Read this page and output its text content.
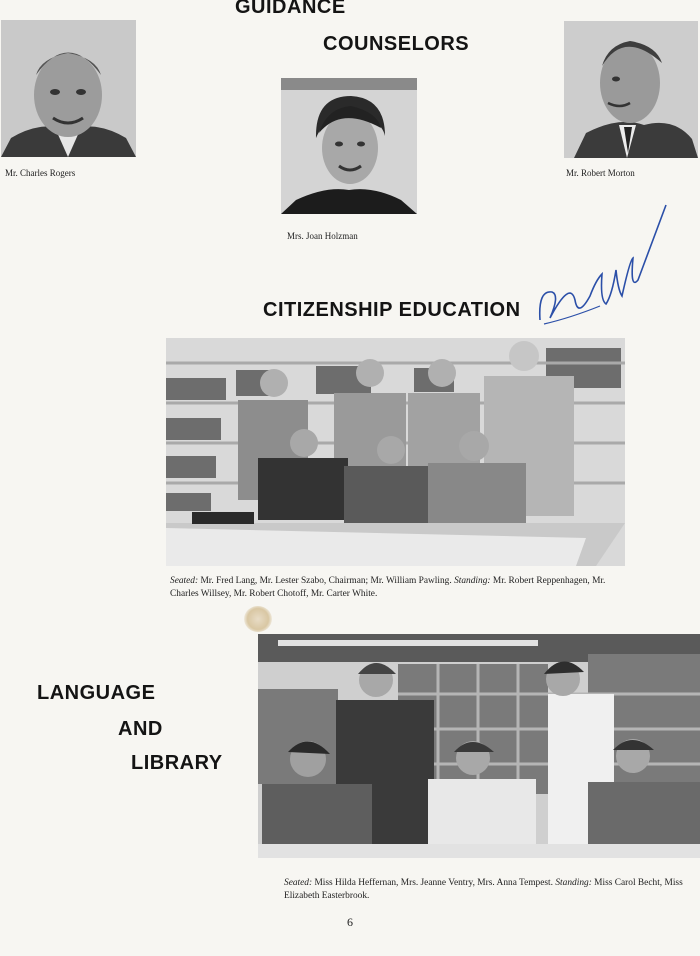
GUIDANCE
COUNSELORS
Mr. Charles Rogers
Mrs. Joan Holzman
Mr. Robert Morton
CITIZENSHIP EDUCATION
Seated: Mr. Fred Lang, Mr. Lester Szabo, Chairman; Mr. William Pawling. Standing: Mr. Robert Reppenhagen, Mr. Charles Willsey, Mr. Robert Chotoff, Mr. Carter White.
LANGUAGE
AND
LIBRARY
Seated: Miss Hilda Heffernan, Mrs. Jeanne Ventry, Mrs. Anna Tempest. Standing: Miss Carol Becht, Miss Elizabeth Easterbrook.
6
